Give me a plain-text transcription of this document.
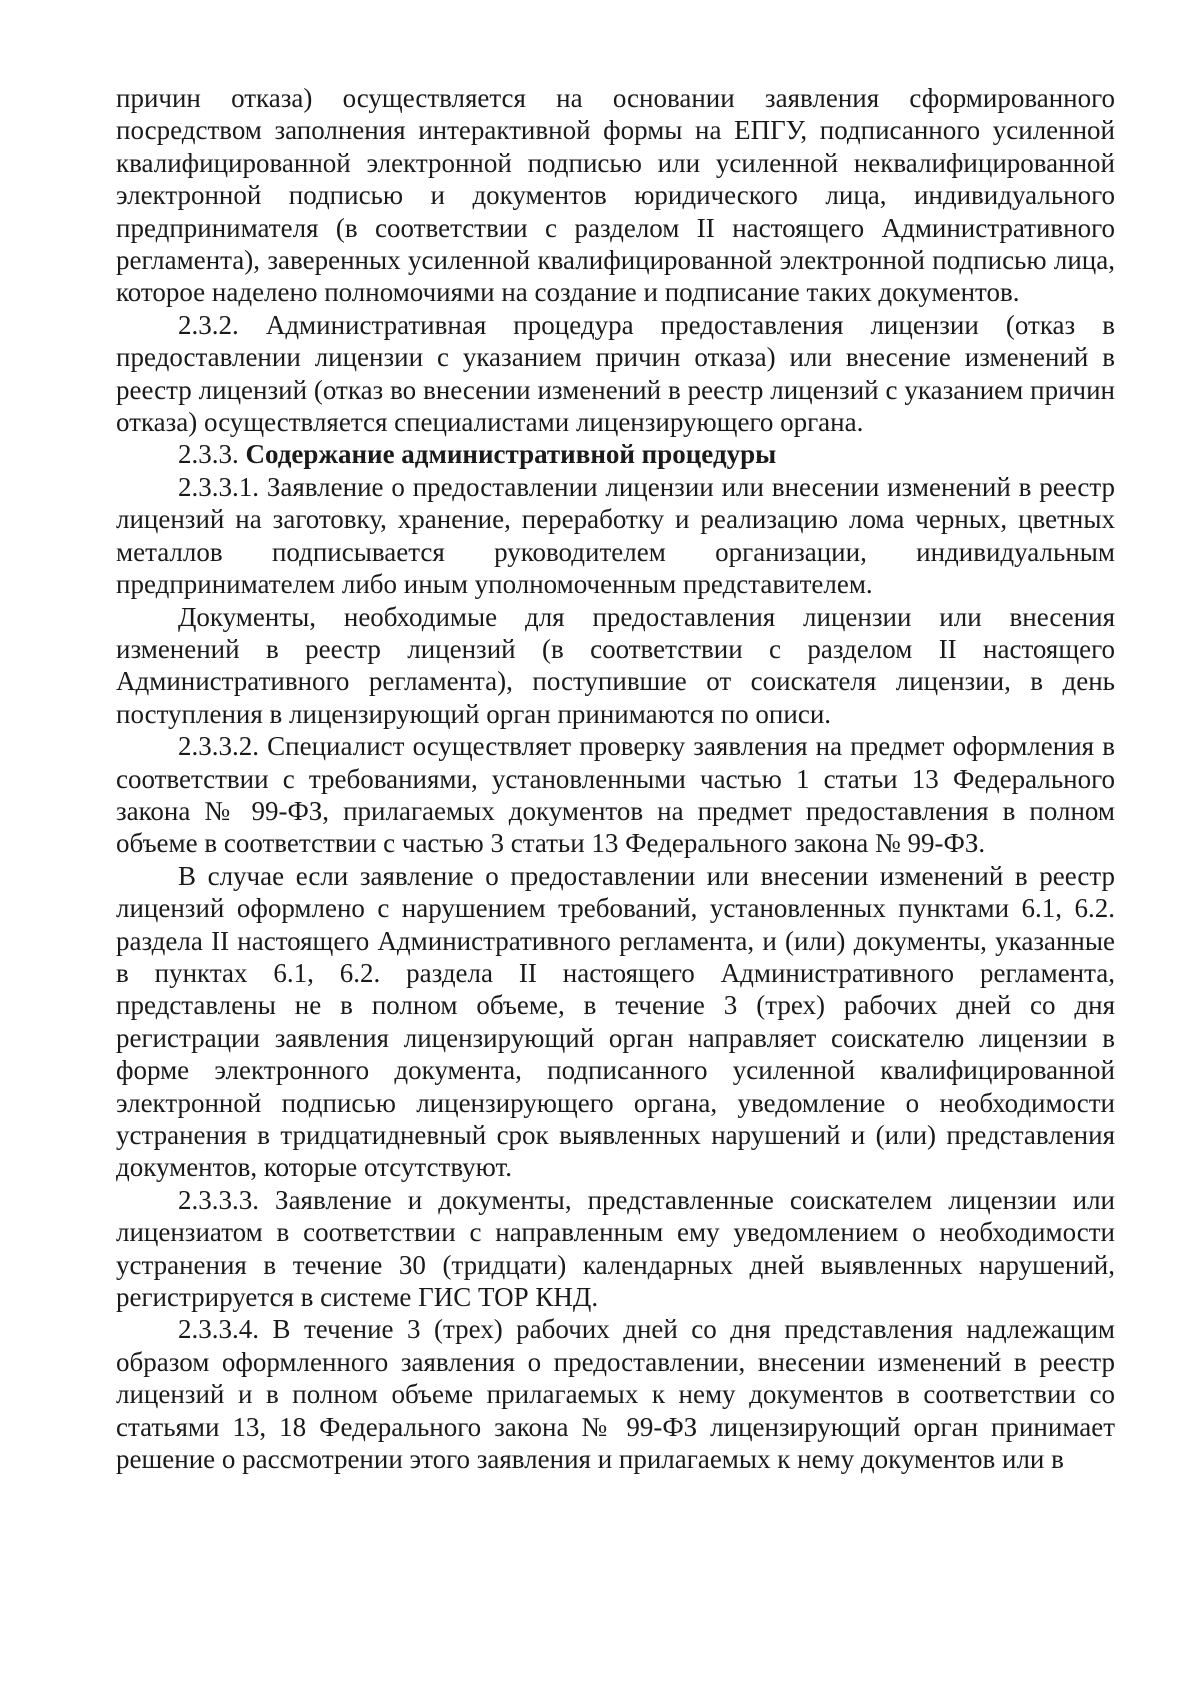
причин отказа) осуществляется на основании заявления сформированного посредством заполнения интерактивной формы на ЕПГУ, подписанного усиленной квалифицированной электронной подписью или усиленной неквалифицированной электронной подписью и документов юридического лица, индивидуального предпринимателя (в соответствии с разделом II настоящего Административного регламента), заверенных усиленной квалифицированной электронной подписью лица, которое наделено полномочиями на создание и подписание таких документов.

2.3.2. Административная процедура предоставления лицензии (отказ в предоставлении лицензии с указанием причин отказа) или внесение изменений в реестр лицензий (отказ во внесении изменений в реестр лицензий с указанием причин отказа) осуществляется специалистами лицензирующего органа.

2.3.3. Содержание административной процедуры

2.3.3.1. Заявление о предоставлении лицензии или внесении изменений в реестр лицензий на заготовку, хранение, переработку и реализацию лома черных, цветных металлов подписывается руководителем организации, индивидуальным предпринимателем либо иным уполномоченным представителем.

Документы, необходимые для предоставления лицензии или внесения изменений в реестр лицензий (в соответствии с разделом II настоящего Административного регламента), поступившие от соискателя лицензии, в день поступления в лицензирующий орган принимаются по описи.

2.3.3.2. Специалист осуществляет проверку заявления на предмет оформления в соответствии с требованиями, установленными частью 1 статьи 13 Федерального закона № 99-ФЗ, прилагаемых документов на предмет предоставления в полном объеме в соответствии с частью 3 статьи 13 Федерального закона № 99-ФЗ.

В случае если заявление о предоставлении или внесении изменений в реестр лицензий оформлено с нарушением требований, установленных пунктами 6.1, 6.2. раздела II настоящего Административного регламента, и (или) документы, указанные в пунктах 6.1, 6.2. раздела II настоящего Административного регламента, представлены не в полном объеме, в течение 3 (трех) рабочих дней со дня регистрации заявления лицензирующий орган направляет соискателю лицензии в форме электронного документа, подписанного усиленной квалифицированной электронной подписью лицензирующего органа, уведомление о необходимости устранения в тридцатидневный срок выявленных нарушений и (или) представления документов, которые отсутствуют.

2.3.3.3. Заявление и документы, представленные соискателем лицензии или лицензиатом в соответствии с направленным ему уведомлением о необходимости устранения в течение 30 (тридцати) календарных дней выявленных нарушений, регистрируется в системе ГИС ТОР КНД.

2.3.3.4. В течение 3 (трех) рабочих дней со дня представления надлежащим образом оформленного заявления о предоставлении, внесении изменений в реестр лицензий и в полном объеме прилагаемых к нему документов в соответствии со статьями 13, 18 Федерального закона № 99-ФЗ лицензирующий орган принимает решение о рассмотрении этого заявления и прилагаемых к нему документов или в
